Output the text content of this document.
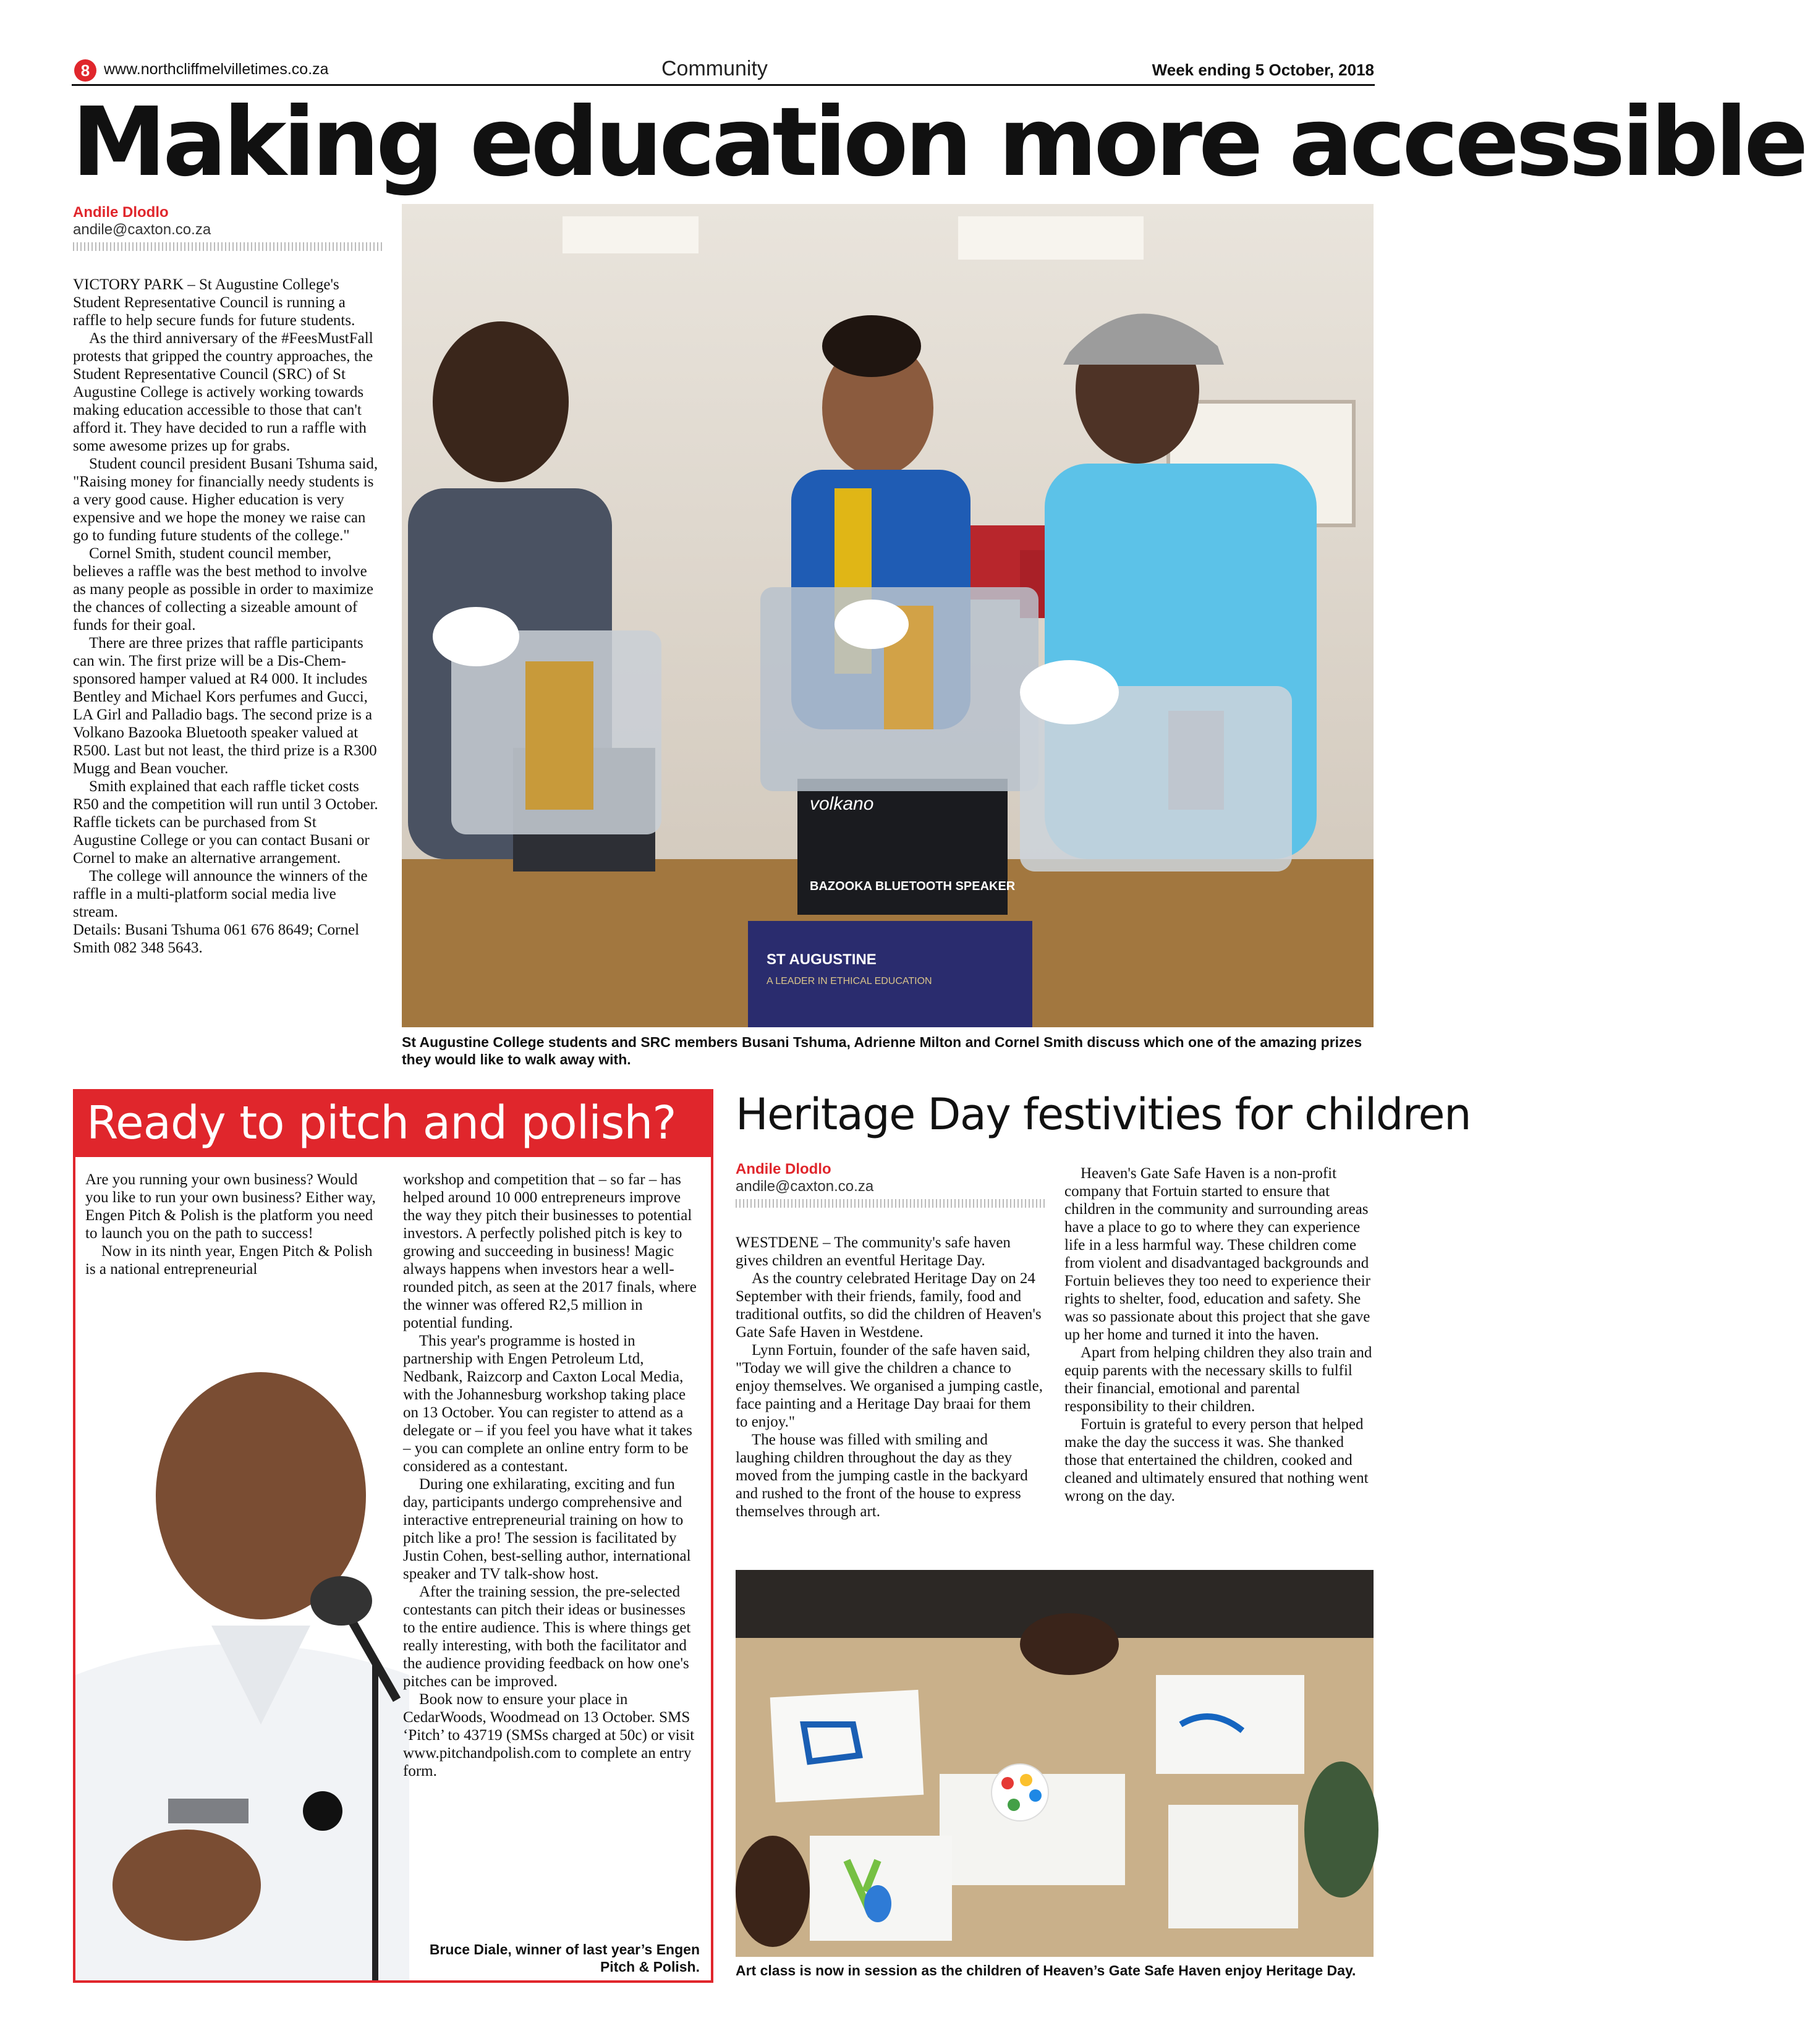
8 www.northcliffmelvilletimes.co.za	Community	Week ending 5 October, 2018
Making education more accessible
Andile Dlodlo
andile@caxton.co.za

VICTORY PARK – St Augustine College's Student Representative Council is running a raffle to help secure funds for future students.

As the third anniversary of the #FeesMustFall protests that gripped the country approaches, the Student Representative Council (SRC) of St Augustine College is actively working towards making education accessible to those that can't afford it. They have decided to run a raffle with some awesome prizes up for grabs.

Student council president Busani Tshuma said, "Raising money for financially needy students is a very good cause. Higher education is very expensive and we hope the money we raise can go to funding future students of the college."

Cornel Smith, student council member, believes a raffle was the best method to involve as many people as possible in order to maximize the chances of collecting a sizeable amount of funds for their goal.

There are three prizes that raffle participants can win. The first prize will be a Dis-Chem-sponsored hamper valued at R4 000. It includes Bentley and Michael Kors perfumes and Gucci, LA Girl and Palladio bags. The second prize is a Volkano Bazooka Bluetooth speaker valued at R500. Last but not least, the third prize is a R300 Mugg and Bean voucher.

Smith explained that each raffle ticket costs R50 and the competition will run until 3 October. Raffle tickets can be purchased from St Augustine College or you can contact Busani or Cornel to make an alternative arrangement.

The college will announce the winners of the raffle in a multi-platform social media live stream.

Details: Busani Tshuma 061 676 8649; Cornel Smith 082 348 5643.

ST AUGUSTINE
A LEADER IN ETHICAL EDUCATION
volkano
BAZOOKA BLUETOOTH SPEAKER
St Augustine College students and SRC members Busani Tshuma, Adrienne Milton and Cornel Smith discuss which one of the amazing prizes they would like to walk away with.
Ready to pitch and polish?

Are you running your own business? Would you like to run your own business? Either way, Engen Pitch & Polish is the platform you need to launch you on the path to success!

Now in its ninth year, Engen Pitch & Polish is a national entrepreneurial

workshop and competition that – so far – has helped around 10 000 entrepreneurs improve the way they pitch their businesses to potential investors. A perfectly polished pitch is key to growing and succeeding in business! Magic always happens when investors hear a well-rounded pitch, as seen at the 2017 finals, where the winner was offered R2,5 million in potential funding.

This year's programme is hosted in partnership with Engen Petroleum Ltd, Nedbank, Raizcorp and Caxton Local Media, with the Johannesburg workshop taking place on 13 October. You can register to attend as a delegate or – if you feel you have what it takes – you can complete an online entry form to be considered as a contestant.

During one exhilarating, exciting and fun day, participants undergo comprehensive and interactive entrepreneurial training on how to pitch like a pro! The session is facilitated by Justin Cohen, best-selling author, international speaker and TV talk-show host.

After the training session, the pre-selected contestants can pitch their ideas or businesses to the entire audience. This is where things get really interesting, with both the facilitator and the audience providing feedback on how one's pitches can be improved.

Book now to ensure your place in CedarWoods, Woodmead on 13 October. SMS ‘Pitch’ to 43719 (SMSs charged at 50c) or visit www.pitchandpolish.com to complete an entry form.

Bruce Diale, winner of last year’s Engen Pitch & Polish.
Heritage Day festivities for children
Andile Dlodlo
andile@caxton.co.za

WESTDENE – The community's safe haven gives children an eventful Heritage Day.

As the country celebrated Heritage Day on 24 September with their friends, family, food and traditional outfits, so did the children of Heaven's Gate Safe Haven in Westdene.

Lynn Fortuin, founder of the safe haven said, "Today we will give the children a chance to enjoy themselves. We organised a jumping castle, face painting and a Heritage Day braai for them to enjoy."

The house was filled with smiling and laughing children throughout the day as they moved from the jumping castle in the backyard and rushed to the front of the house to express themselves through art.

Heaven's Gate Safe Haven is a non-profit company that Fortuin started to ensure that children in the community and surrounding areas have a place to go to where they can experience life in a less harmful way. These children come from violent and disadvantaged backgrounds and Fortuin believes they too need to experience their rights to shelter, food, education and safety. She was so passionate about this project that she gave up her home and turned it into the haven.

Apart from helping children they also train and equip parents with the necessary skills to fulfil their financial, emotional and parental responsibility to their children.

Fortuin is grateful to every person that helped make the day the success it was. She thanked those that entertained the children, cooked and cleaned and ultimately ensured that nothing went wrong on the day.

Art class is now in session as the children of Heaven’s Gate Safe Haven enjoy Heritage Day.
